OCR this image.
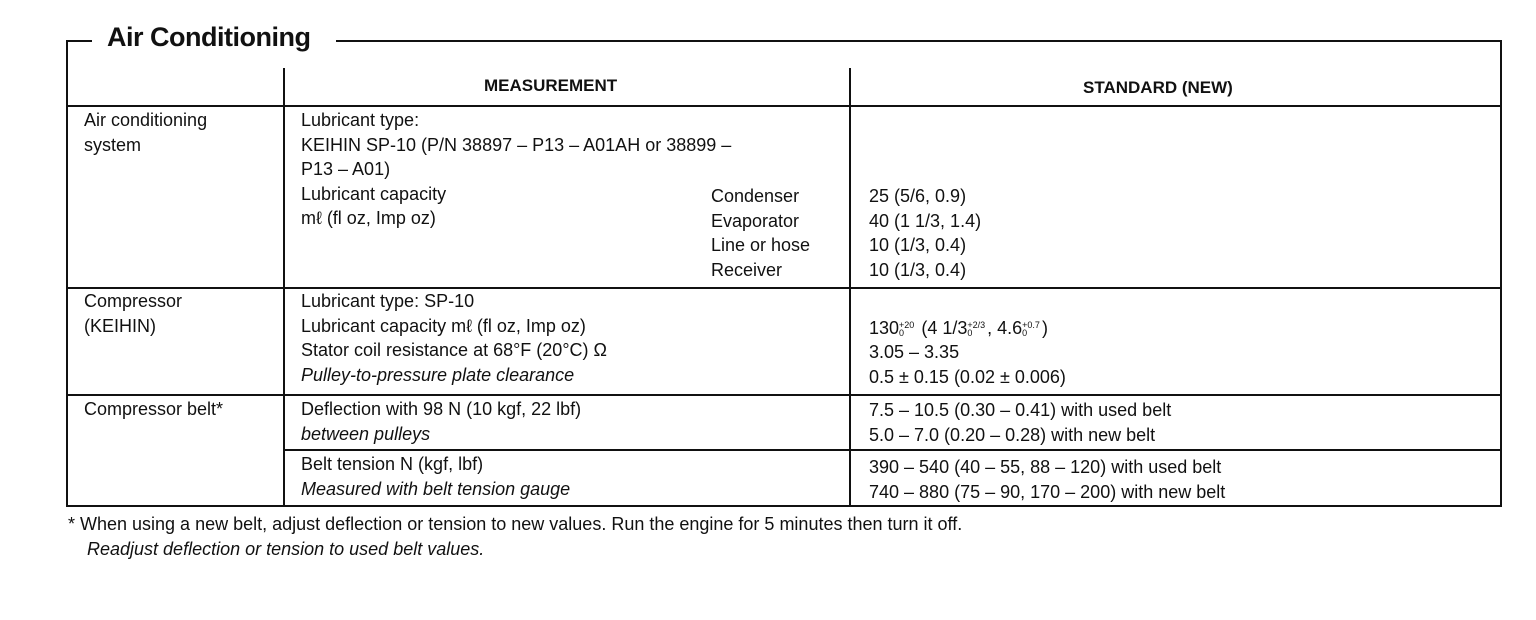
Air Conditioning
MEASUREMENT	STANDARD (NEW)
Air conditioning
system
Lubricant type:
KEIHIN SP-10 (P/N 38897 – P13 – A01AH or 38899 –
P13 – A01)
Lubricant capacity
mℓ (fl oz, Imp oz)
Condenser
Evaporator
Line or hose
Receiver
25 (5/6, 0.9)
40 (1 1/3, 1.4)
10 (1/3, 0.4)
10 (1/3, 0.4)
Compressor
(KEIHIN)
Lubricant type: SP-10
Lubricant capacity mℓ (fl oz, Imp oz)
Stator coil resistance at 68°F (20°C) Ω
Pulley-to-pressure plate clearance
130 +20
0 (4 1/3 +2/3
0 , 4.6 +0.7
0 )
3.05 – 3.35
0.5 ± 0.15 (0.02 ± 0.006)
Compressor belt*	Deflection with 98 N (10 kgf, 22 lbf)
between pulleys
7.5 – 10.5 (0.30 – 0.41) with used belt
5.0 – 7.0 (0.20 – 0.28) with new belt
Belt tension N (kgf, lbf)
Measured with belt tension gauge
390 – 540 (40 – 55, 88 – 120) with used belt
740 – 880 (75 – 90, 170 – 200) with new belt
* When using a new belt, adjust deflection or tension to new values. Run the engine for 5 minutes then turn it off.
Readjust deflection or tension to used belt values.
